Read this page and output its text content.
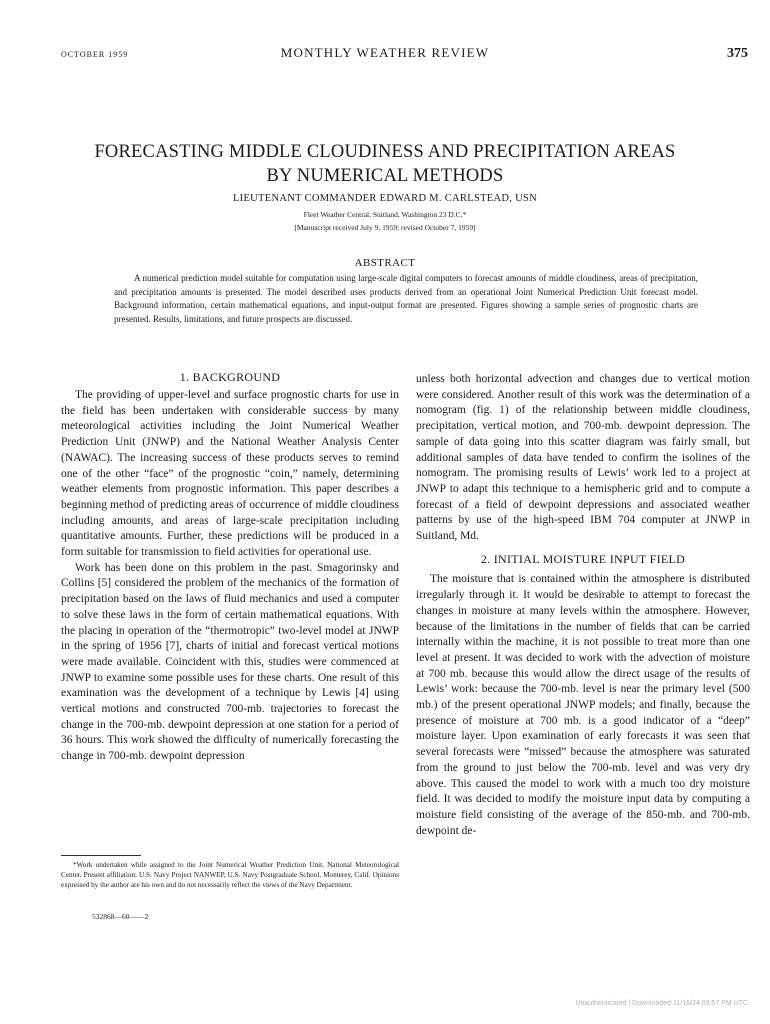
OCTOBER 1959	MONTHLY WEATHER REVIEW	375
FORECASTING MIDDLE CLOUDINESS AND PRECIPITATION AREAS
BY NUMERICAL METHODS
LIEUTENANT COMMANDER EDWARD M. CARLSTEAD, USN
Fleet Weather Central, Suitland, Washington 23 D.C.*
[Manuscript received July 9, 1959; revised October 7, 1959]
ABSTRACT
A numerical prediction model suitable for computation using large-scale digital computers to forecast amounts of middle cloudiness, areas of precipitation, and precipitation amounts is presented. The model described uses products derived from an operational Joint Numerical Prediction Unit forecast model. Background information, certain mathematical equations, and input-output format are presented. Figures showing a sample series of prognostic charts are presented. Results, limitations, and future prospects are discussed.
1. BACKGROUND

The providing of upper-level and surface prognostic charts for use in the field has been undertaken with considerable success by many meteorological activities including the Joint Numerical Weather Prediction Unit (JNWP) and the National Weather Analysis Center (NAWAC). The increasing success of these products serves to remind one of the other “face” of the prognostic “coin,” namely, determining weather elements from prognostic information. This paper describes a beginning method of predicting areas of occurrence of middle cloudiness including amounts, and areas of large-scale precipitation including quantitative amounts. Further, these predictions will be produced in a form suitable for transmission to field activities for operational use.

Work has been done on this problem in the past. Smagorinsky and Collins [5] considered the problem of the mechanics of the formation of precipitation based on the laws of fluid mechanics and used a computer to solve these laws in the form of certain mathematical equations. With the placing in operation of the “thermotropic” two-level model at JNWP in the spring of 1956 [7], charts of initial and forecast vertical motions were made available. Coincident with this, studies were commenced at JNWP to examine some possible uses for these charts. One result of this examination was the development of a technique by Lewis [4] using vertical motions and constructed 700-mb. trajectories to forecast the change in the 700-mb. dewpoint depression at one station for a period of 36 hours. This work showed the difficulty of numerically forecasting the change in 700-mb. dewpoint depression

unless both horizontal advection and changes due to vertical motion were considered. Another result of this work was the determination of a nomogram (fig. 1) of the relationship between middle cloudiness, precipitation, vertical motion, and 700-mb. dewpoint depression. The sample of data going into this scatter diagram was fairly small, but additional samples of data have tended to confirm the isolines of the nomogram. The promising results of Lewis’ work led to a project at JNWP to adapt this technique to a hemispheric grid and to compute a forecast of a field of dewpoint depressions and associated weather patterns by use of the high-speed IBM 704 computer at JNWP in Suitland, Md.

2. INITIAL MOISTURE INPUT FIELD

The moisture that is contained within the atmosphere is distributed irregularly through it. It would be desirable to attempt to forecast the changes in moisture at many levels within the atmosphere. However, because of the limitations in the number of fields that can be carried internally within the machine, it is not possible to treat more than one level at present. It was decided to work with the advection of moisture at 700 mb. because this would allow the direct usage of the results of Lewis’ work: because the 700-mb. level is near the primary level (500 mb.) of the present operational JNWP models; and finally, because the presence of moisture at 700 mb. is a good indicator of a “deep” moisture layer. Upon examination of early forecasts it was seen that several forecasts were “missed” because the atmosphere was saturated from the ground to just below the 700-mb. level and was very dry above. This caused the model to work with a much too dry moisture field. It was decided to modify the moisture input data by computing a moisture field consisting of the average of the 850-mb. and 700-mb. dewpoint de-

*Work undertaken while assigned to the Joint Numerical Weather Prediction Unit, National Meteorological Center. Present affiliation: U.S. Navy Project NANWEP, U.S. Navy Postgraduate School, Monterey, Calif. Opinions expressed by the author are his own and do not necessarily reflect the views of the Navy Department.
532868—60——2
Unauthenticated | Downloaded 11/16/24 03:57 PM UTC
